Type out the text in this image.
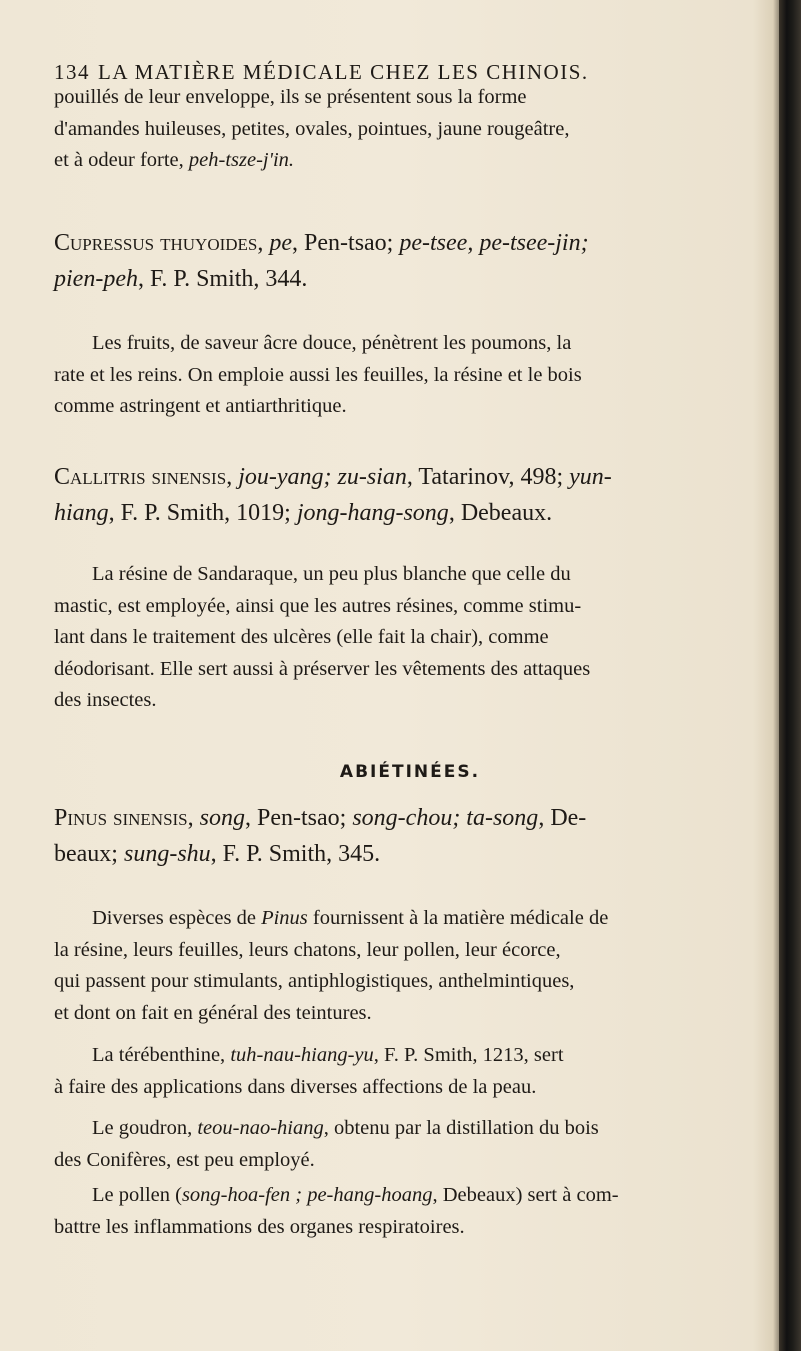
134 LA MATIÈRE MÉDICALE CHEZ LES CHINOIS.

pouillés de leur enveloppe, ils se présentent sous la forme
d'amandes huileuses, petites, ovales, pointues, jaune rougeâtre,
et à odeur forte, peh-tsze-j'in.

Cupressus thuyoides, pe, Pen-tsao; pe-tsee, pe-tsee-jin;
pien-peh, F. P. Smith, 344.

Les fruits, de saveur âcre douce, pénètrent les poumons, la
rate et les reins. On emploie aussi les feuilles, la résine et le bois
comme astringent et antiarthritique.

Callitris sinensis, jou-yang; zu-sian, Tatarinov, 498; yun-
hiang, F. P. Smith, 1019; jong-hang-song, Debeaux.

La résine de Sandaraque, un peu plus blanche que celle du
mastic, est employée, ainsi que les autres résines, comme stimu-
lant dans le traitement des ulcères (elle fait la chair), comme
déodorisant. Elle sert aussi à préserver les vêtements des attaques
des insectes.

ABIÉTINÉES.

Pinus sinensis, song, Pen-tsao; song-chou; ta-song, De-
beaux; sung-shu, F. P. Smith, 345.

Diverses espèces de Pinus fournissent à la matière médicale de
la résine, leurs feuilles, leurs chatons, leur pollen, leur écorce,
qui passent pour stimulants, antiphlogistiques, anthelmintiques,
et dont on fait en général des teintures.

La térébenthine, tuh-nau-hiang-yu, F. P. Smith, 1213, sert
à faire des applications dans diverses affections de la peau.

Le goudron, teou-nao-hiang, obtenu par la distillation du bois
des Conifères, est peu employé.

Le pollen (song-hoa-fen ; pe-hang-hoang, Debeaux) sert à com-
battre les inflammations des organes respiratoires.
